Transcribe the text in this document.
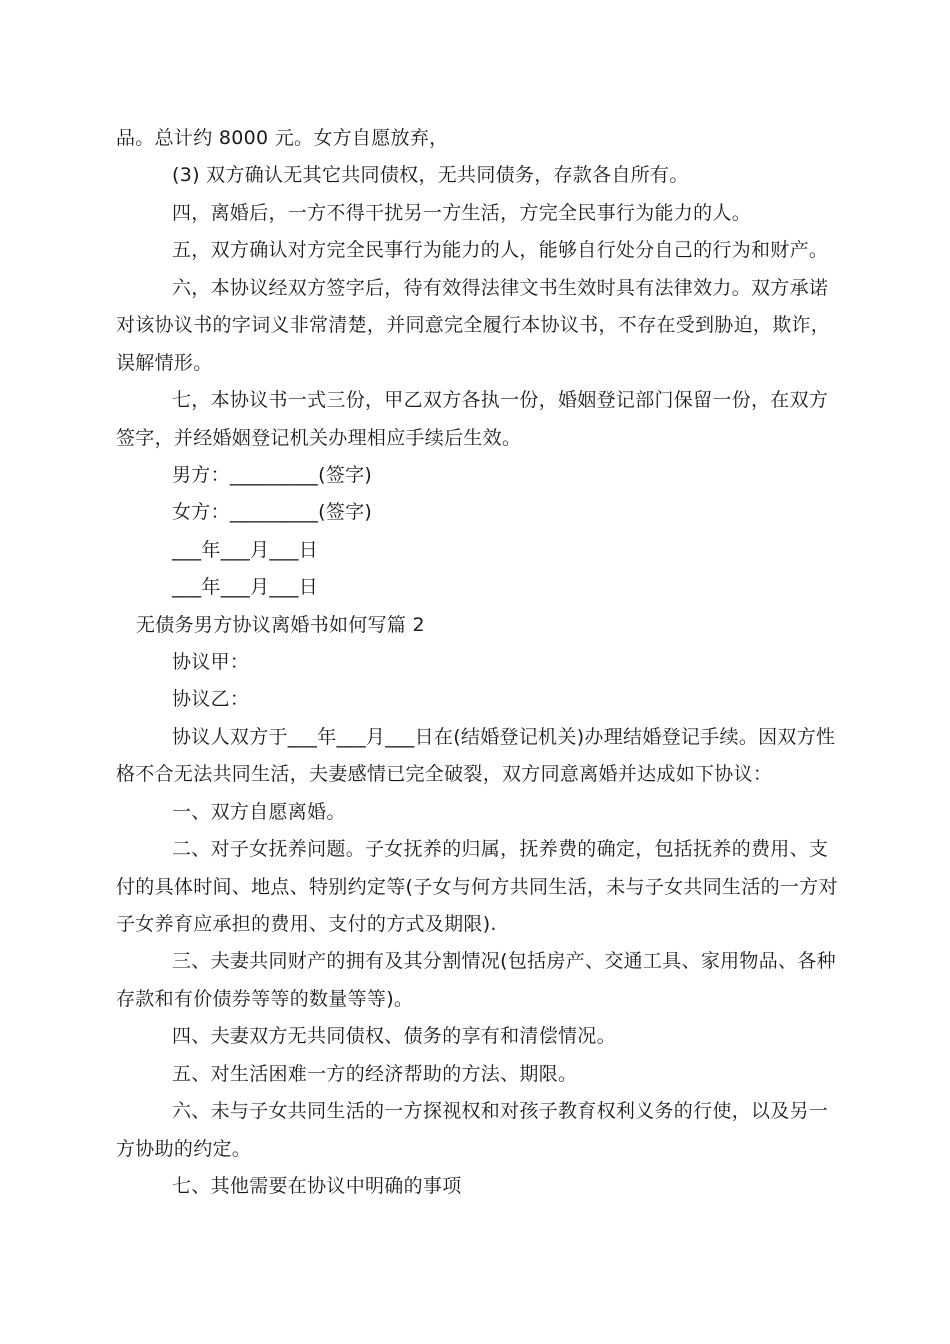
品。总计约 8000 元。女方自愿放弃，
(3) 双方确认无其它共同债权，无共同债务，存款各自所有。
四，离婚后，一方不得干扰另一方生活，方完全民事行为能力的人。
五，双方确认对方完全民事行为能力的人，能够自行处分自己的行为和财产。
六，本协议经双方签字后，待有效得法律文书生效时具有法律效力。双方承诺
对该协议书的字词义非常清楚，并同意完全履行本协议书，不存在受到胁迫，欺诈，
误解情形。
七，本协议书一式三份，甲乙双方各执一份，婚姻登记部门保留一份，在双方
签字，并经婚姻登记机关办理相应手续后生效。
男方：_________(签字)
女方：_________(签字)
___年___月___日
___年___月___日
无债务男方协议离婚书如何写篇 2
协议甲：
协议乙：
协议人双方于___年___月___日在(结婚登记机关)办理结婚登记手续。因双方性
格不合无法共同生活，夫妻感情已完全破裂，双方同意离婚并达成如下协议：
一、双方自愿离婚。
二、对子女抚养问题。子女抚养的归属，抚养费的确定，包括抚养的费用、支
付的具体时间、地点、特别约定等(子女与何方共同生活，未与子女共同生活的一方对
子女养育应承担的费用、支付的方式及期限).
三、夫妻共同财产的拥有及其分割情况(包括房产、交通工具、家用物品、各种
存款和有价债券等等的数量等等)。
四、夫妻双方无共同债权、债务的享有和清偿情况。
五、对生活困难一方的经济帮助的方法、期限。
六、未与子女共同生活的一方探视权和对孩子教育权利义务的行使，以及另一
方协助的约定。
七、其他需要在协议中明确的事项
